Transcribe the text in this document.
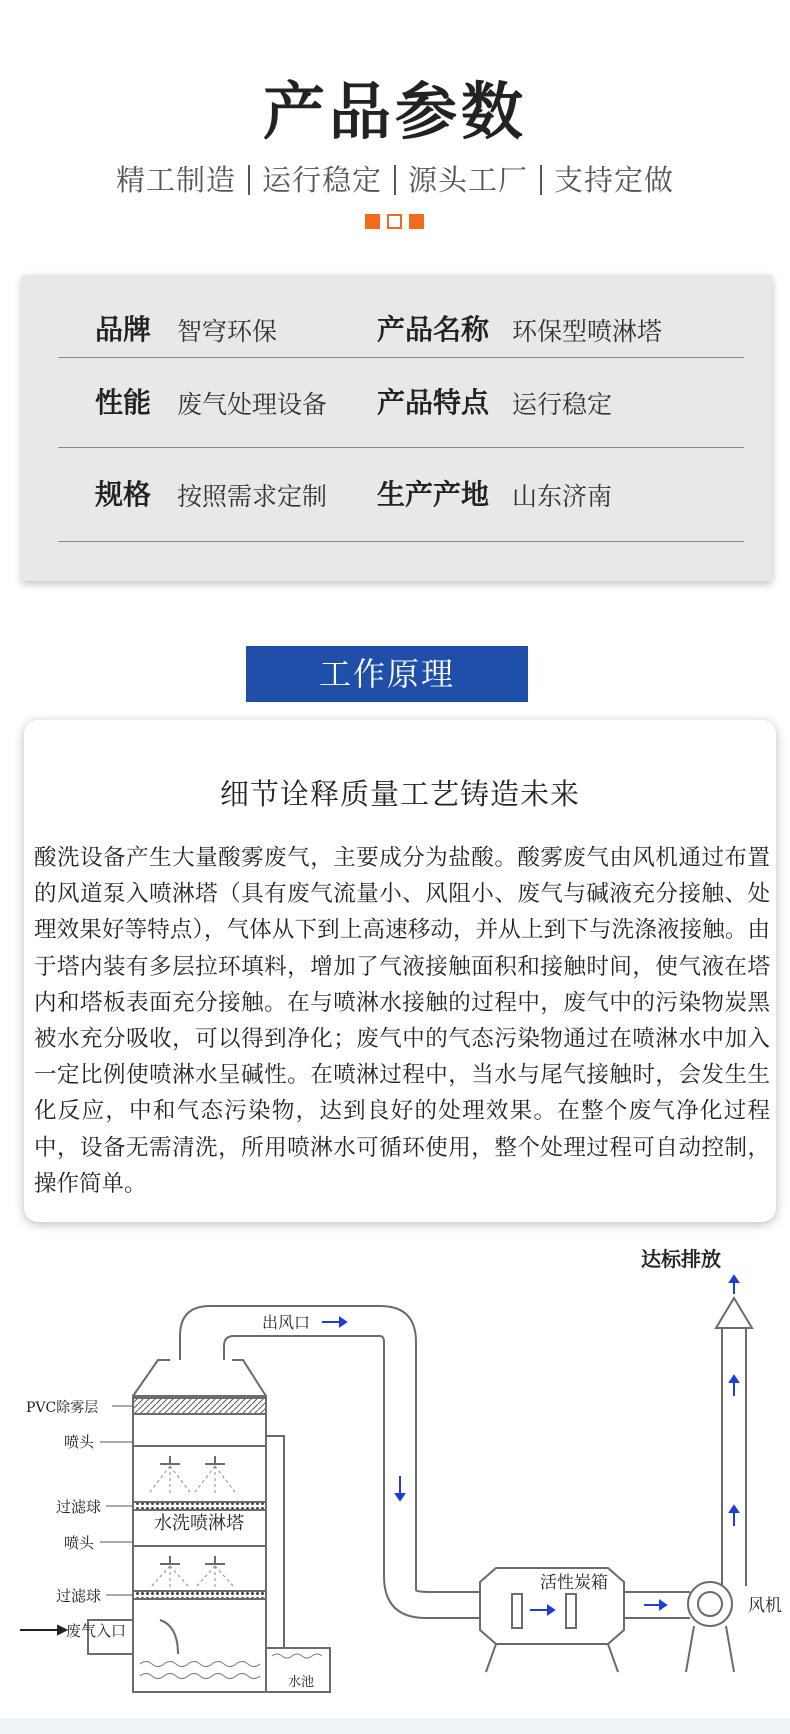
产品参数
精工制造 运行稳定 源头工厂 支持定做
品牌 智穹环保	产品名称 环保型喷淋塔
性能 废气处理设备 产品特点 运行稳定
规格 按照需求定制 生产产地 山东济南
工作原理
细节诠释质量工艺铸造未来
酸洗设备产生大量酸雾废气，主要成分为盐酸。酸雾废气由风机通过布置的风道泵入喷淋塔（具有废气流量小、风阻小、废气与碱液充分接触、处理效果好等特点），气体从下到上高速移动，并从上到下与洗涤液接触。由于塔内装有多层拉环填料，增加了气液接触面积和接触时间，使气液在塔内和塔板表面充分接触。在与喷淋水接触的过程中，废气中的污染物炭黑被水充分吸收，可以得到净化；废气中的气态污染物通过在喷淋水中加入一定比例使喷淋水呈碱性。在喷淋过程中，当水与尾气接触时，会发生生化反应，中和气态污染物，达到良好的处理效果。在整个废气净化过程中，设备无需清洗，所用喷淋水可循环使用，整个处理过程可自动控制，操作简单。
达标排放
出风口
PVC除雾层
喷头
过滤球
水洗喷淋塔
喷头
过滤球
废气入口
水池
活性炭箱
风机
